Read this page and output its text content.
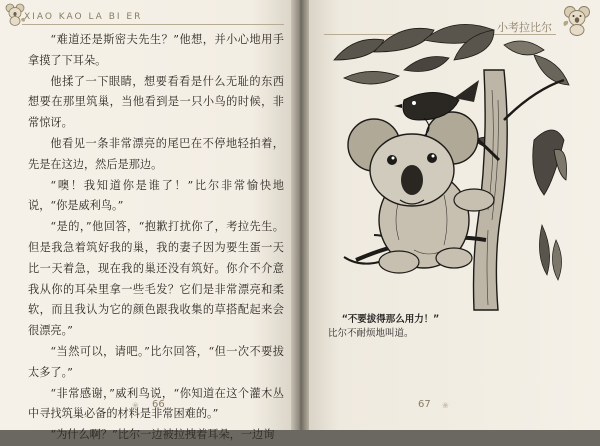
XIAO KAO LA BI ER

“难道还是斯密夫先生？”他想，并小心地用手拿摸了下耳朵。

他揉了一下眼睛，想要看看是什么无耻的东西想要在那里筑巢，当他看到是一只小鸟的时候，非常惊讶。

他看见一条非常漂亮的尾巴在不停地轻拍着，先是在这边，然后是那边。

“噢！我知道你是谁了！”比尔非常愉快地说，“你是威利鸟。”

“是的，”他回答，“抱歉打扰你了，考拉先生。但是我急着筑好我的巢，我的妻子因为要生蛋一天比一天着急，现在我的巢还没有筑好。你介不介意我从你的耳朵里拿一些毛发？它们是非常漂亮和柔软，而且我认为它的颜色跟我收集的草搭配起来会很漂亮。”

“当然可以，请吧。”比尔回答，“但一次不要拔太多了。”

“非常感谢，”威利鸟说，“你知道在这个灌木丛中寻找筑巢必备的材料是非常困难的。”

“为什么啊？”比尔一边被拉拽着耳朵，一边询

❀ 66
小考拉比尔
“不要拔得那么用力！”
比尔不耐烦地叫道。
67 ❀
